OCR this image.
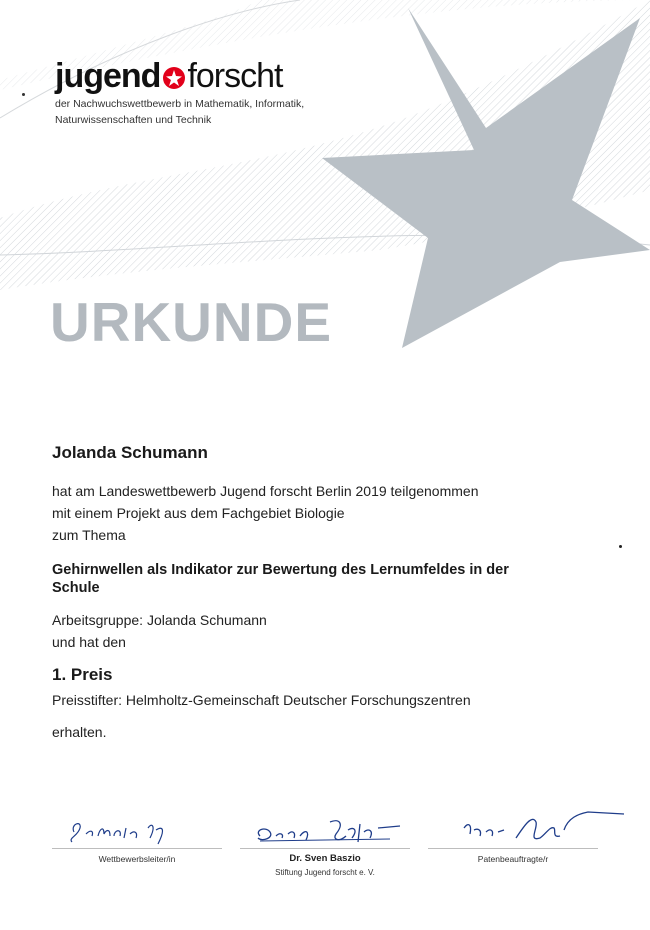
jugend forscht
der Nachwuchswettbewerb in Mathematik, Informatik,
Naturwissenschaften und Technik
URKUNDE

Jolanda Schumann

hat am Landeswettbewerb Jugend forscht Berlin 2019 teilgenommen

mit einem Projekt aus dem Fachgebiet Biologie

zum Thema

Gehirnwellen als Indikator zur Bewertung des Lernumfeldes in der Schule

Arbeitsgruppe: Jolanda Schumann

und hat den

1. Preis

Preisstifter: Helmholtz-Gemeinschaft Deutscher Forschungszentren

erhalten.

Wettbewerbsleiter/in	Dr. Sven Baszio
Stiftung Jugend forscht e. V.
Patenbeauftragte/r
